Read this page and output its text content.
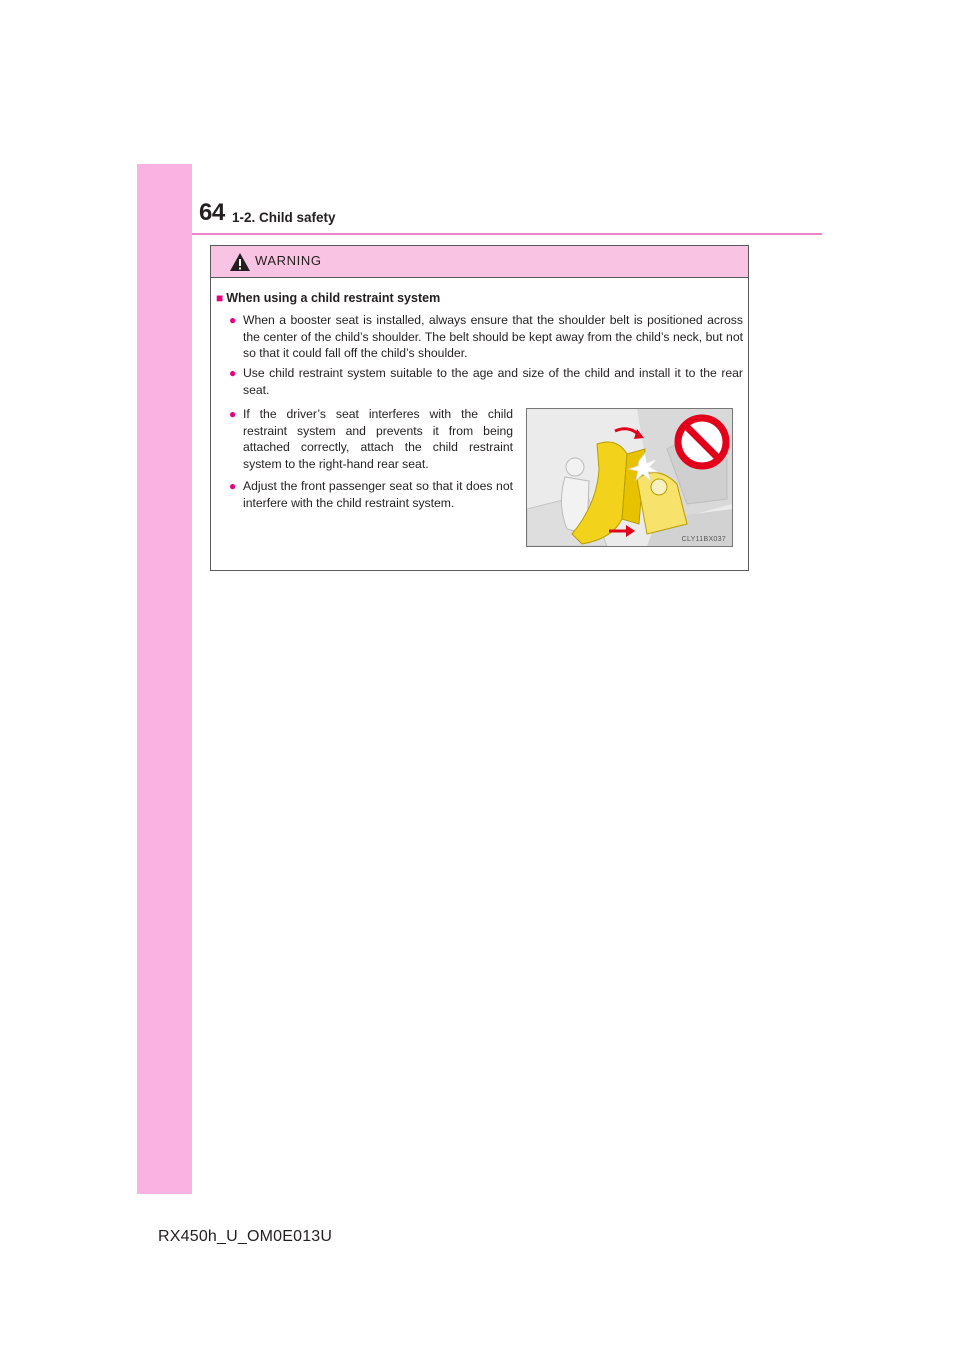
64 1-2. Child safety
WARNING
■ When using a child restraint system
● When a booster seat is installed, always ensure that the shoulder belt is positioned across the center of the child’s shoulder. The belt should be kept away from the child’s neck, but not so that it could fall off the child’s shoulder.
● Use child restraint system suitable to the age and size of the child and install it to the rear seat.
● If the driver’s seat interferes with the child restraint system and prevents it from being attached correctly, attach the child restraint system to the right-hand rear seat.
● Adjust the front passenger seat so that it does not interfere with the child restraint system.
CLY11BX037
RX450h_U_OM0E013U
